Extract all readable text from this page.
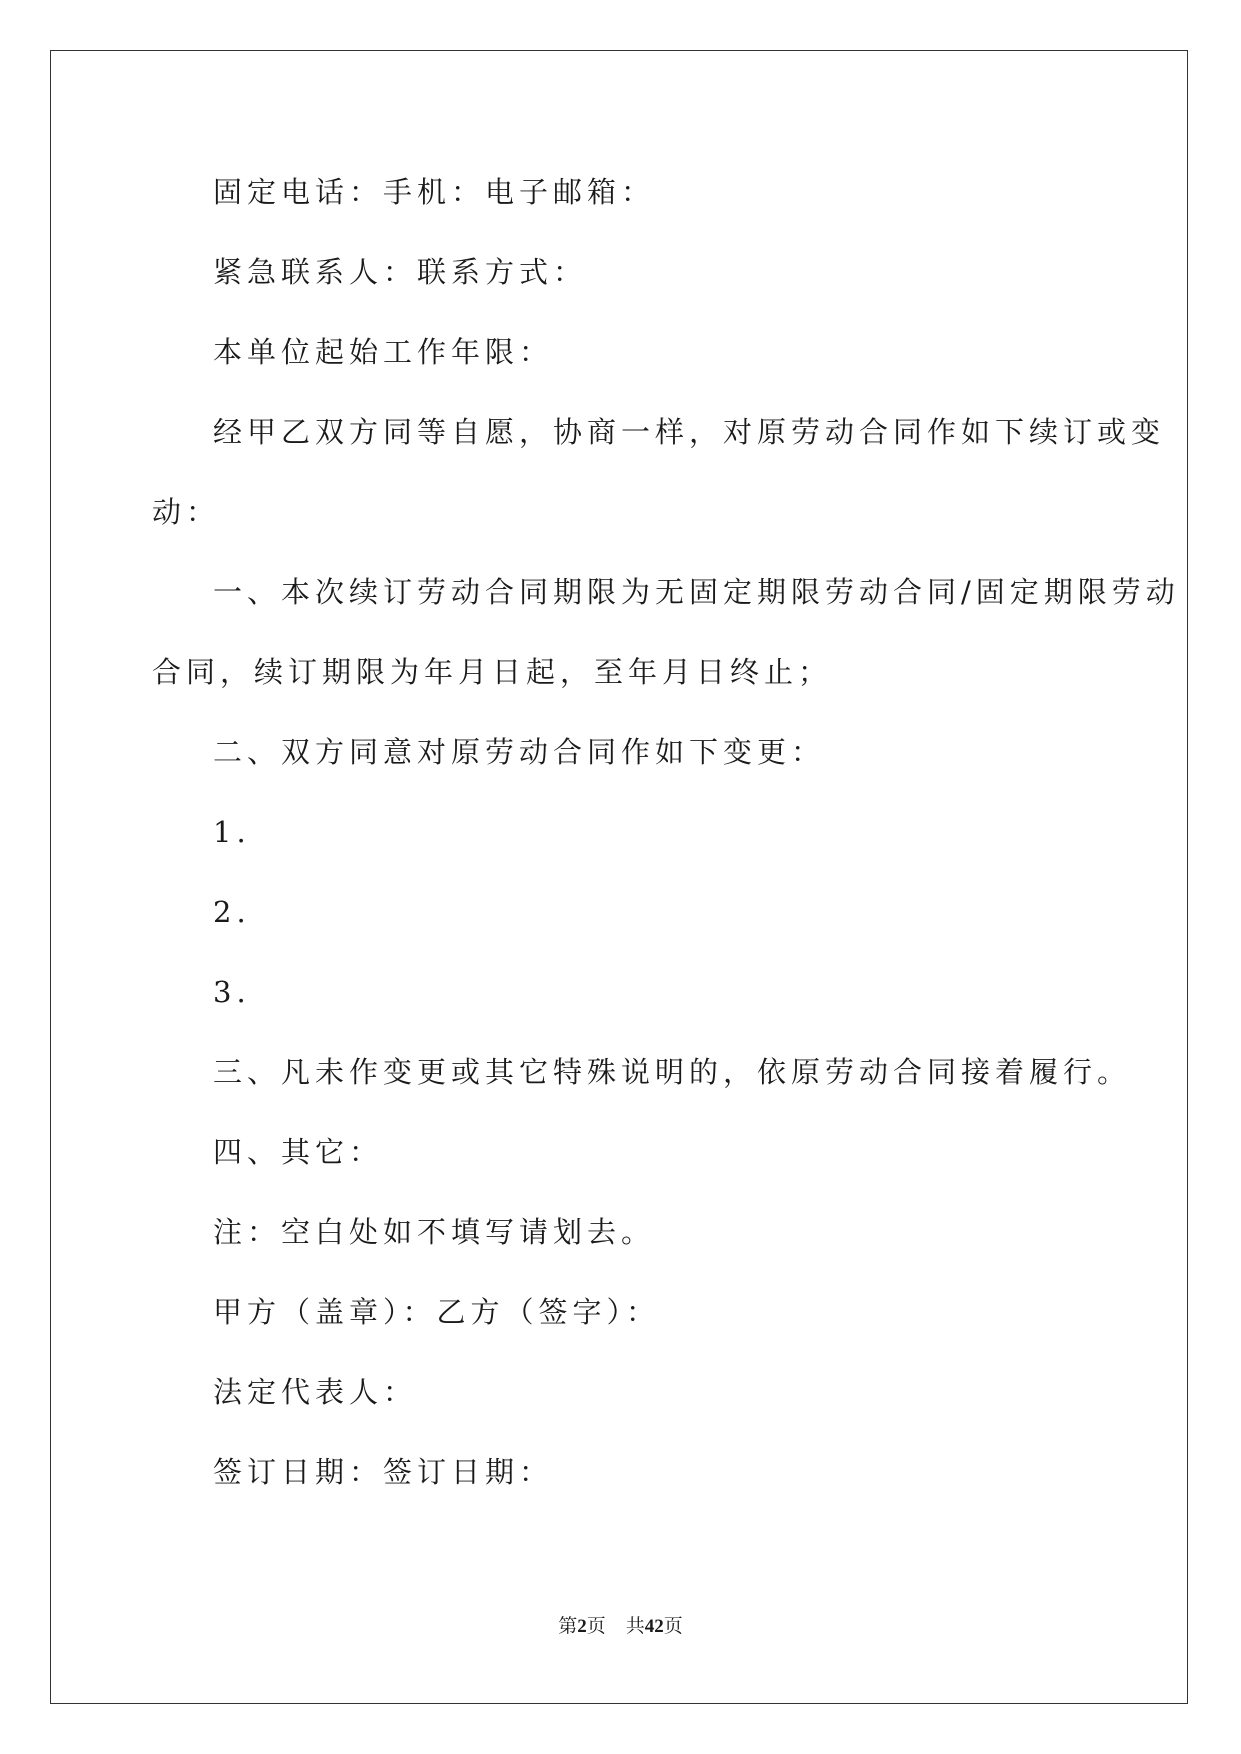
固定电话：手机：电子邮箱：
紧急联系人：联系方式：
本单位起始工作年限：
经甲乙双方同等自愿，协商一样，对原劳动合同作如下续订或变
动：
一、本次续订劳动合同期限为无固定期限劳动合同/固定期限劳动
合同，续订期限为年月日起，至年月日终止；
二、双方同意对原劳动合同作如下变更：
1.
2.
3.
三、凡未作变更或其它特殊说明的，依原劳动合同接着履行。
四、其它：
注：空白处如不填写请划去。
甲方（盖章）：乙方（签字）：
法定代表人：
签订日期：签订日期：
第2页 共42页
